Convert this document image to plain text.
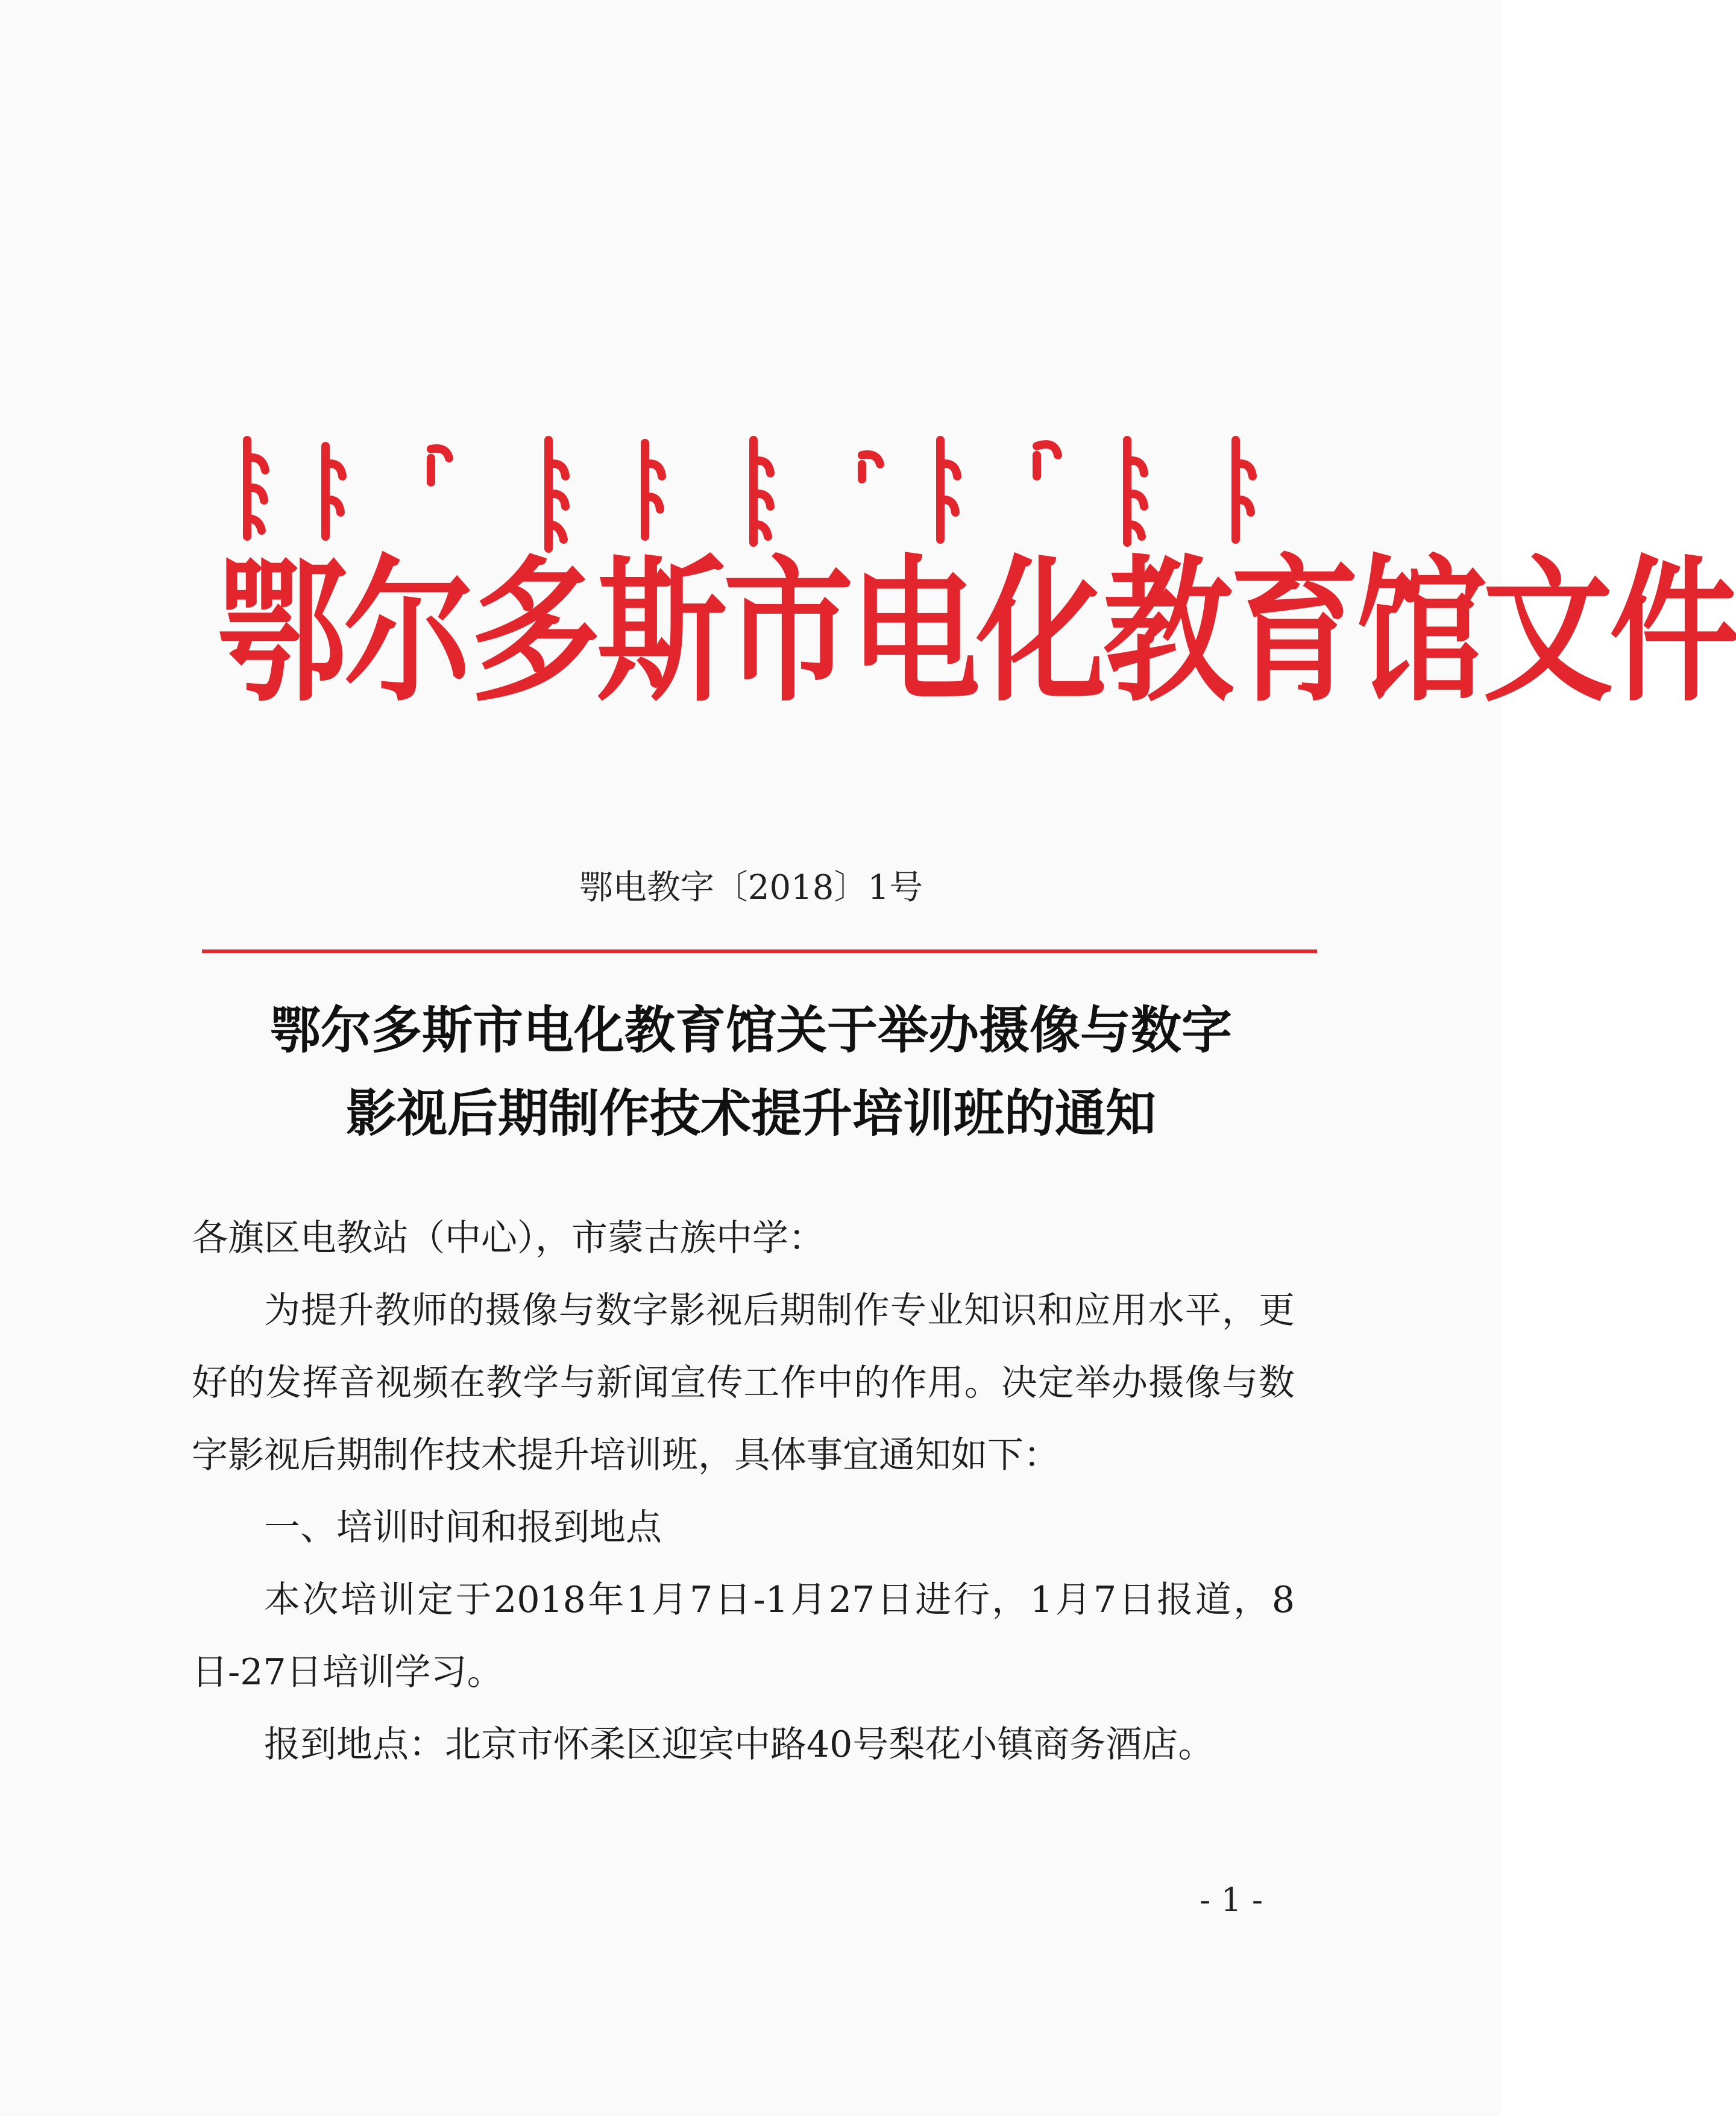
鄂尔多斯市电化教育馆文件
鄂电教字〔2018〕1号
鄂尔多斯市电化教育馆关于举办摄像与数字
影视后期制作技术提升培训班的通知

各旗区电教站（中心），市蒙古族中学：

为提升教师的摄像与数字影视后期制作专业知识和应用水平，更好的发挥音视频在教学与新闻宣传工作中的作用。决定举办摄像与数字影视后期制作技术提升培训班，具体事宜通知如下：

一、培训时间和报到地点

本次培训定于2018年1月7日-1月27日进行，1月7日报道，8日-27日培训学习。

报到地点：北京市怀柔区迎宾中路40号梨花小镇商务酒店。

- 1 -
